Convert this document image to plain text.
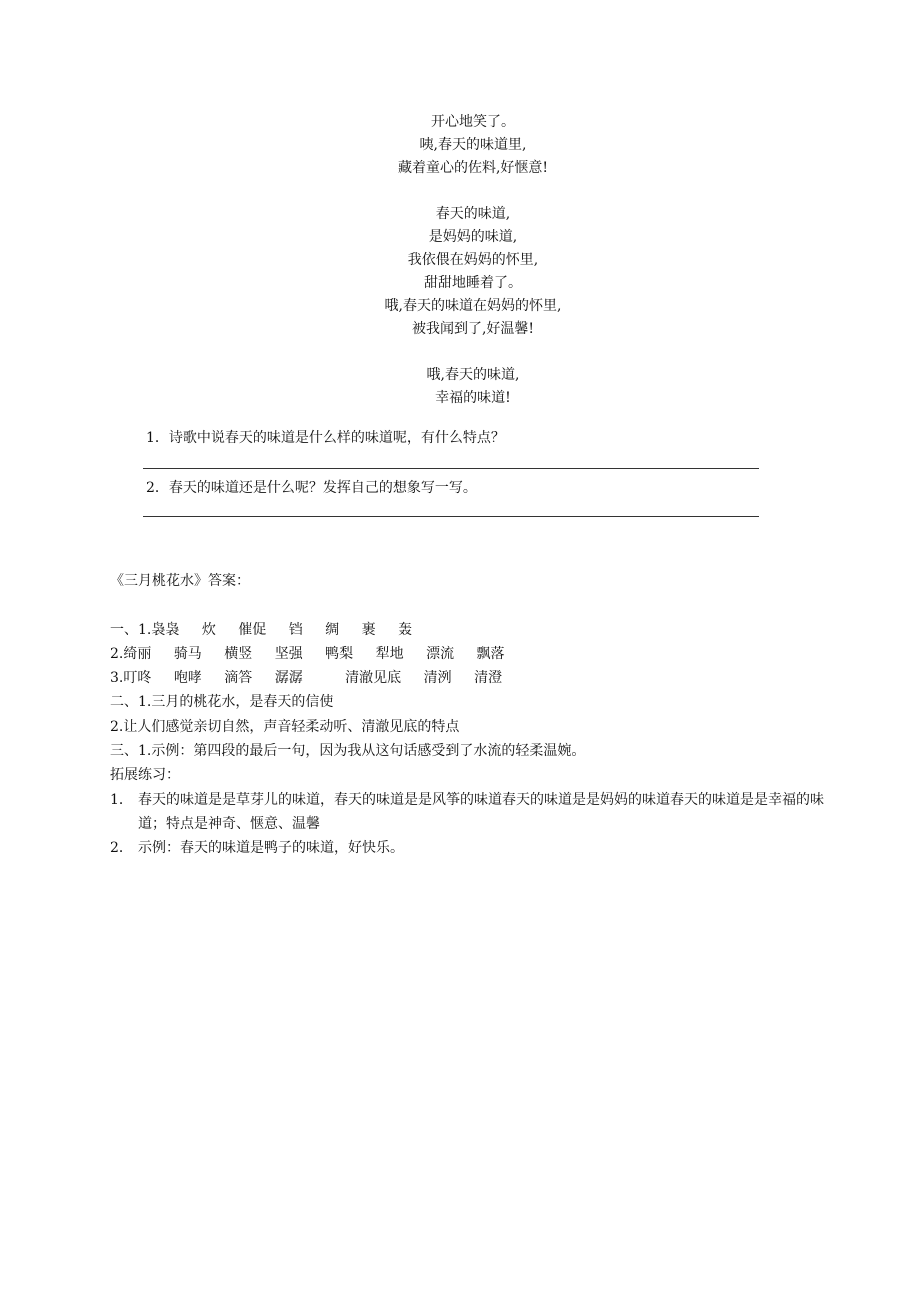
开心地笑了。
咦,春天的味道里,
藏着童心的佐料,好惬意!
春天的味道,
是妈妈的味道,
我依偎在妈妈的怀里,
甜甜地睡着了。
哦,春天的味道在妈妈的怀里,
被我闻到了,好温馨!
哦,春天的味道,
幸福的味道!
1．诗歌中说春天的味道是什么样的味道呢，有什么特点？
2．春天的味道还是什么呢？发挥自己的想象写一写。
《三月桃花水》答案：
一、1.袅袅 炊 催促 铛 绸 裹 轰
2.绮丽 骑马 横竖 坚强 鸭梨 犁地 漂流 飘落
3.叮咚 咆哮 滴答 潺潺	清澈见底 清洌 清澄
二、1.三月的桃花水，是春天的信使
2.让人们感觉亲切自然，声音轻柔动听、清澈见底的特点
三、1.示例：第四段的最后一句，因为我从这句话感受到了水流的轻柔温婉。
拓展练习：
1． 春天的味道是是草芽儿的味道，春天的味道是是风筝的味道春天的味道是是妈妈的味道春天的味道是是幸福的味道；特点是神奇、惬意、温馨
2． 示例：春天的味道是鸭子的味道，好快乐。
